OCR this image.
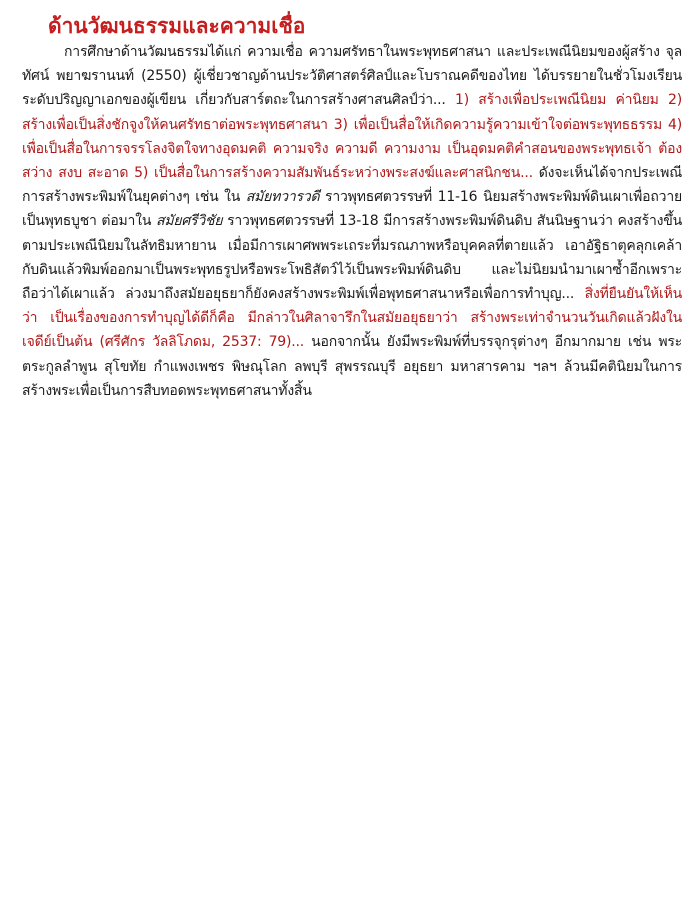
ด้านวัฒนธรรมและความเชื่อ

การศึกษาด้านวัฒนธรรมได้แก่ ความเชื่อ ความศรัทธาในพระพุทธศาสนา และประเพณีนิยมของผู้สร้าง จุลทัศน์ พยาฆรานนท์ (2550) ผู้เชี่ยวชาญด้านประวัติศาสตร์ศิลป์และโบราณคดีของไทย ได้บรรยายในชั่วโมงเรียนระดับปริญญาเอกของผู้เขียน เกี่ยวกับสาร์ตถะในการสร้างศาสนศิลป์ว่า... 1) สร้างเพื่อประเพณีนิยม ค่านิยม 2) สร้างเพื่อเป็นสิ่งชักจูงให้คนศรัทธาต่อพระพุทธศาสนา 3) เพื่อเป็นสื่อให้เกิดความรู้ความเข้าใจต่อพระพุทธธรรม 4) เพื่อเป็นสื่อในการจรรโลงจิตใจทางอุดมคติ ความจริง ความดี ความงาม เป็นอุดมคติคำสอนของพระพุทธเจ้า ต้องสว่าง สงบ สะอาด 5) เป็นสื่อในการสร้างความสัมพันธ์ระหว่างพระสงฆ์และศาสนิกชน... ดังจะเห็นได้จากประเพณีการสร้างพระพิมพ์ในยุคต่างๆ เช่น ใน สมัยทวารวดี ราวพุทธศตวรรษที่ 11-16 นิยมสร้างพระพิมพ์ดินเผาเพื่อถวายเป็นพุทธบูชา ต่อมาใน สมัยศรีวิชัย ราวพุทธศตวรรษที่ 13-18 มีการสร้างพระพิมพ์ดินดิบ สันนิษฐานว่า คงสร้างขึ้นตามประเพณีนิยมในลัทธิมหายาน เมื่อมีการเผาศพพระเถระที่มรณภาพหรือบุคคลที่ตายแล้ว เอาอัฐิธาตุคลุกเคล้ากับดินแล้วพิมพ์ออกมาเป็นพระพุทธรูปหรือพระโพธิสัตว์ไว้เป็นพระพิมพ์ดินดิบ และไม่นิยมนำมาเผาซ้ำอีกเพราะถือว่าได้เผาแล้ว ล่วงมาถึงสมัยอยุธยาก็ยังคงสร้างพระพิมพ์เพื่อพุทธศาสนาหรือเพื่อการทำบุญ... สิ่งที่ยืนยันให้เห็นว่า เป็นเรื่องของการทำบุญได้ดีก็คือ มีกล่าวในศิลาจารึกในสมัยอยุธยาว่า สร้างพระเท่าจำนวนวันเกิดแล้วฝังในเจดีย์เป็นต้น (ศรีศักร วัลลิโภดม, 2537: 79)... นอกจากนั้น ยังมีพระพิมพ์ที่บรรจุกรุต่างๆ อีกมากมาย เช่น พระตระกูลลำพูน สุโขทัย กำแพงเพชร พิษณุโลก ลพบุรี สุพรรณบุรี อยุธยา มหาสารคาม ฯลฯ ล้วนมีคตินิยมในการสร้างพระเพื่อเป็นการสืบทอดพระพุทธศาสนาทั้งสิ้น
